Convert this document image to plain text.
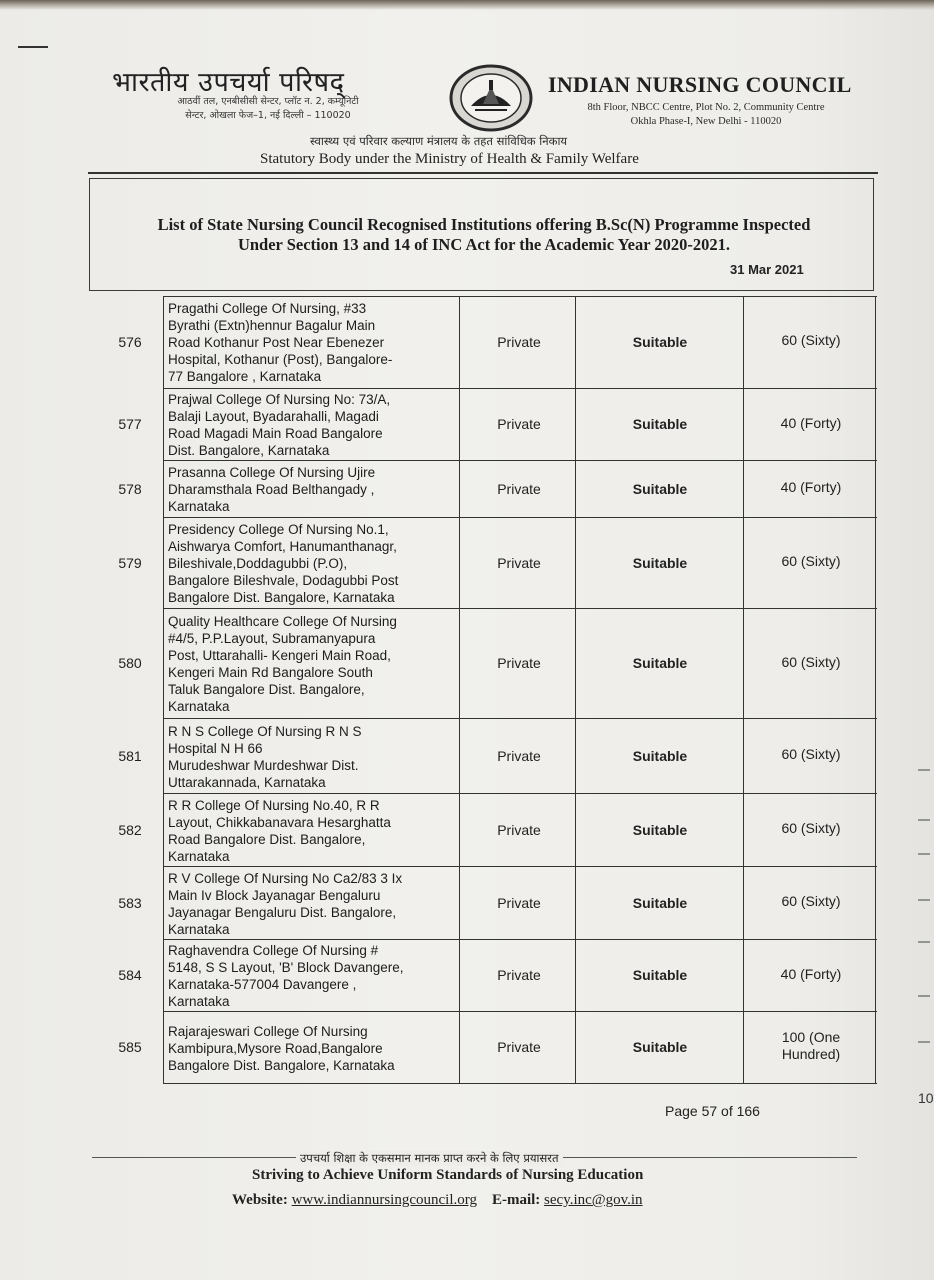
भारतीय उपचर्या परिषद्
आठवीं तल, एनबीसीसी सेन्टर, प्लॉट न. 2, कम्यूनिटी
सेन्टर, ओखला फेज–1, नई दिल्ली – 110020
INDIAN NURSING COUNCIL
8th Floor, NBCC Centre, Plot No. 2, Community Centre
Okhla Phase-I, New Delhi - 110020
स्वास्थ्य एवं परिवार कल्याण मंत्रालय के तहत सांविधिक निकाय
Statutory Body under the Ministry of Health & Family Welfare
List of State Nursing Council Recognised Institutions offering B.Sc(N) Programme Inspected
Under Section 13 and 14 of INC Act for the Academic Year 2020-2021.
31 Mar 2021
576
Pragathi College Of Nursing, #33
Byrathi (Extn)hennur Bagalur Main
Road Kothanur Post Near Ebenezer
Hospital, Kothanur (Post), Bangalore-
77 Bangalore , Karnataka
Private	Suitable	60 (Sixty)
577
Prajwal College Of Nursing No: 73/A,
Balaji Layout, Byadarahalli, Magadi
Road Magadi Main Road Bangalore
Dist. Bangalore, Karnataka
Private	Suitable	40 (Forty)
578
Prasanna College Of Nursing Ujire
Dharamsthala Road Belthangady ,
Karnataka
Private	Suitable	40 (Forty)
579
Presidency College Of Nursing No.1,
Aishwarya Comfort, Hanumanthanagr,
Bileshivale,Doddagubbi (P.O),
Bangalore Bileshvale, Dodagubbi Post
Bangalore Dist. Bangalore, Karnataka
Private	Suitable	60 (Sixty)
580
Quality Healthcare College Of Nursing
#4/5, P.P.Layout, Subramanyapura
Post, Uttarahalli- Kengeri Main Road,
Kengeri Main Rd Bangalore South
Taluk Bangalore Dist. Bangalore,
Karnataka
Private	Suitable	60 (Sixty)
581
R N S College Of Nursing R N S
Hospital N H 66
Murudeshwar Murdeshwar Dist.
Uttarakannada, Karnataka
Private	Suitable	60 (Sixty)
582
R R College Of Nursing No.40, R R
Layout, Chikkabanavara Hesarghatta
Road Bangalore Dist. Bangalore,
Karnataka
Private	Suitable	60 (Sixty)
583
R V College Of Nursing No Ca2/83 3 Ix
Main Iv Block Jayanagar Bengaluru
Jayanagar Bengaluru Dist. Bangalore,
Karnataka
Private	Suitable	60 (Sixty)
584
Raghavendra College Of Nursing #
5148, S S Layout, 'B' Block Davangere,
Karnataka-577004 Davangere ,
Karnataka
Private	Suitable	40 (Forty)
585
Rajarajeswari College Of Nursing
Kambipura,Mysore Road,Bangalore
Bangalore Dist. Bangalore, Karnataka
Private	Suitable
100 (One
Hundred)
Page 57 of 166
उपचर्या शिक्षा के एकसमान मानक प्राप्त करने के लिए प्रयासरत
Striving to Achieve Uniform Standards of Nursing Education
Website: www.indiannursingcouncil.org E-mail: secy.inc@gov.in
10
